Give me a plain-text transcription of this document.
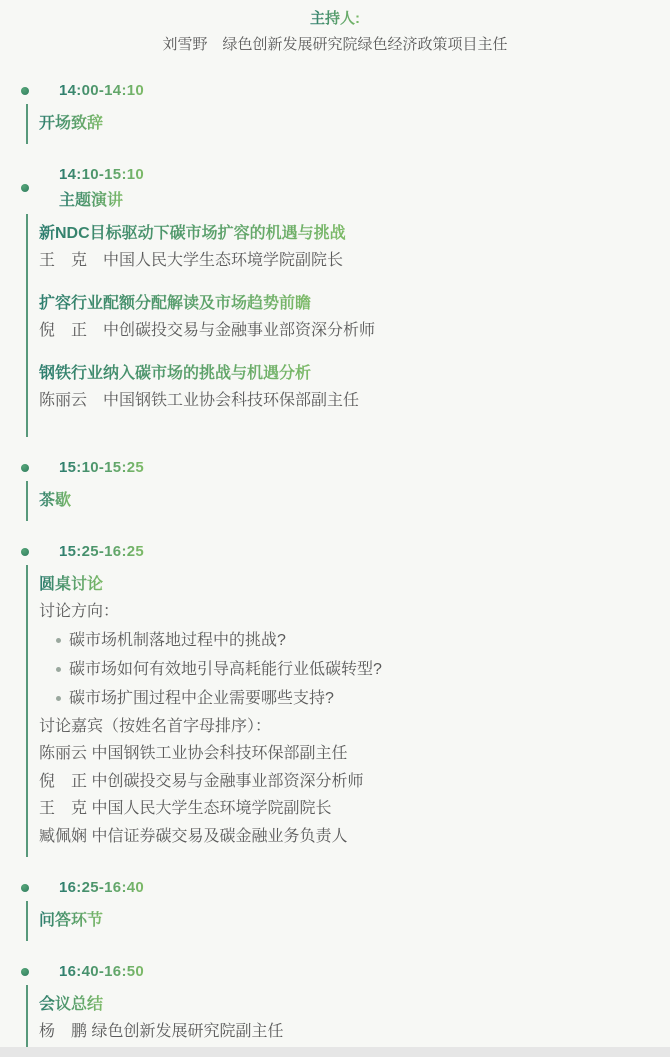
主持人:
刘雪野　绿色创新发展研究院绿色经济政策项目主任
14:00-14:10
开场致辞
14:10-15:10
主题演讲
新NDC目标驱动下碳市场扩容的机遇与挑战
王　克　中国人民大学生态环境学院副院长
扩容行业配额分配解读及市场趋势前瞻
倪　正　中创碳投交易与金融事业部资深分析师
钢铁行业纳入碳市场的挑战与机遇分析
陈丽云　中国钢铁工业协会科技环保部副主任
15:10-15:25
茶歇
15:25-16:25
圆桌讨论
讨论方向：
碳市场机制落地过程中的挑战?
碳市场如何有效地引导高耗能行业低碳转型?
碳市场扩围过程中企业需要哪些支持?
讨论嘉宾（按姓名首字母排序）：
陈丽云 中国钢铁工业协会科技环保部副主任
倪　正 中创碳投交易与金融事业部资深分析师
王　克 中国人民大学生态环境学院副院长
臧佩娴 中信证券碳交易及碳金融业务负责人
16:25-16:40
问答环节
16:40-16:50
会议总结
杨　鹏 绿色创新发展研究院副主任
